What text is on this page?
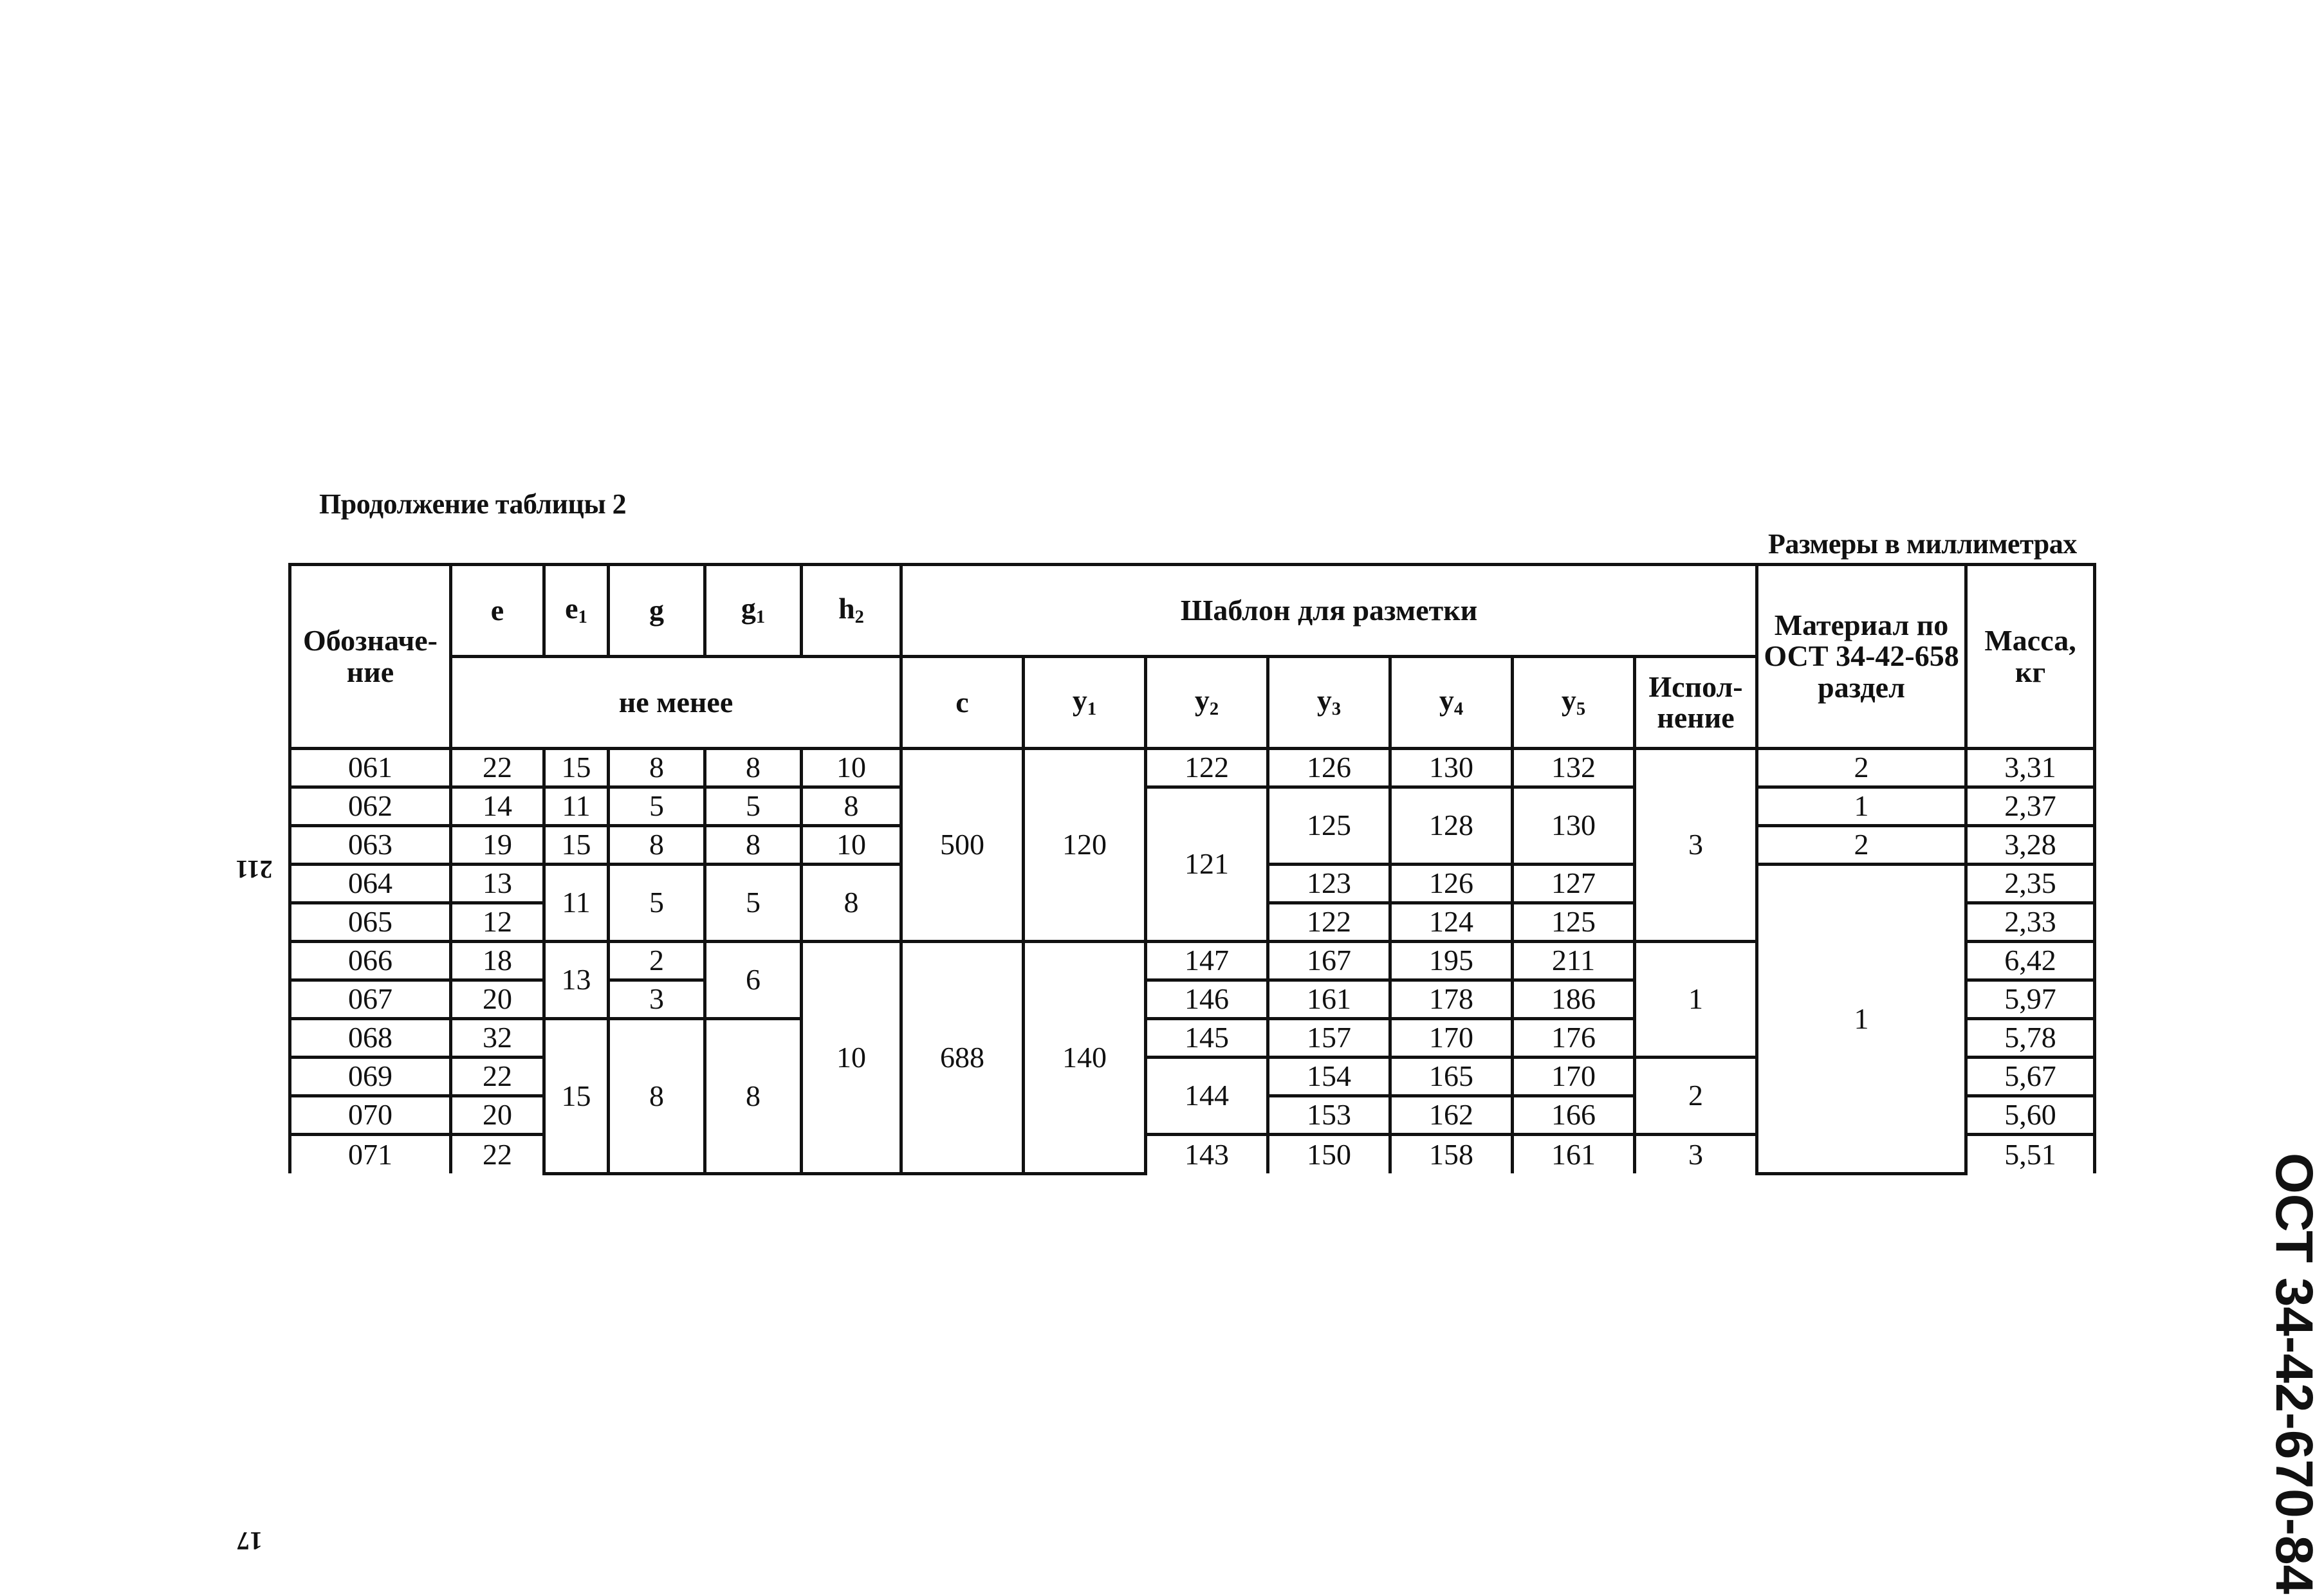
Продолжение таблицы 2
Размеры в миллиметрах
211
17	ОСТ 34-42-670-84
Обозначе-ние	e	$e_1$	g	$g_1$	$h_2$	Шаблон для разметки							Материал по ОСТ 34-42-658 раздел	Масса, кг
	не менее					c	$y_1$	$y_2$	$y_3$	$y_4$	$y_5$	Испол-нение		
061	22	15	8	8	10	500	120	122	126	130	132	3	2	3,31
062	14	11	5	5	8			121	125	128	130		1	2,37
063	19	15	8	8	10								2	3,28
064	13	11	5	5	8				123	126	127		1	2,35
065	12								122	124	125			2,33
066	18	13	2	6	10	688	140	147	167	195	211	1		6,42
067	20		3					146	161	178	186			5,97
068	32	15	8	8				145	157	170	176			5,78
069	22							144	154	165	170	2		5,67
070	20								153	162	166			5,60
071	22							143	150	158	161	3		5,51
